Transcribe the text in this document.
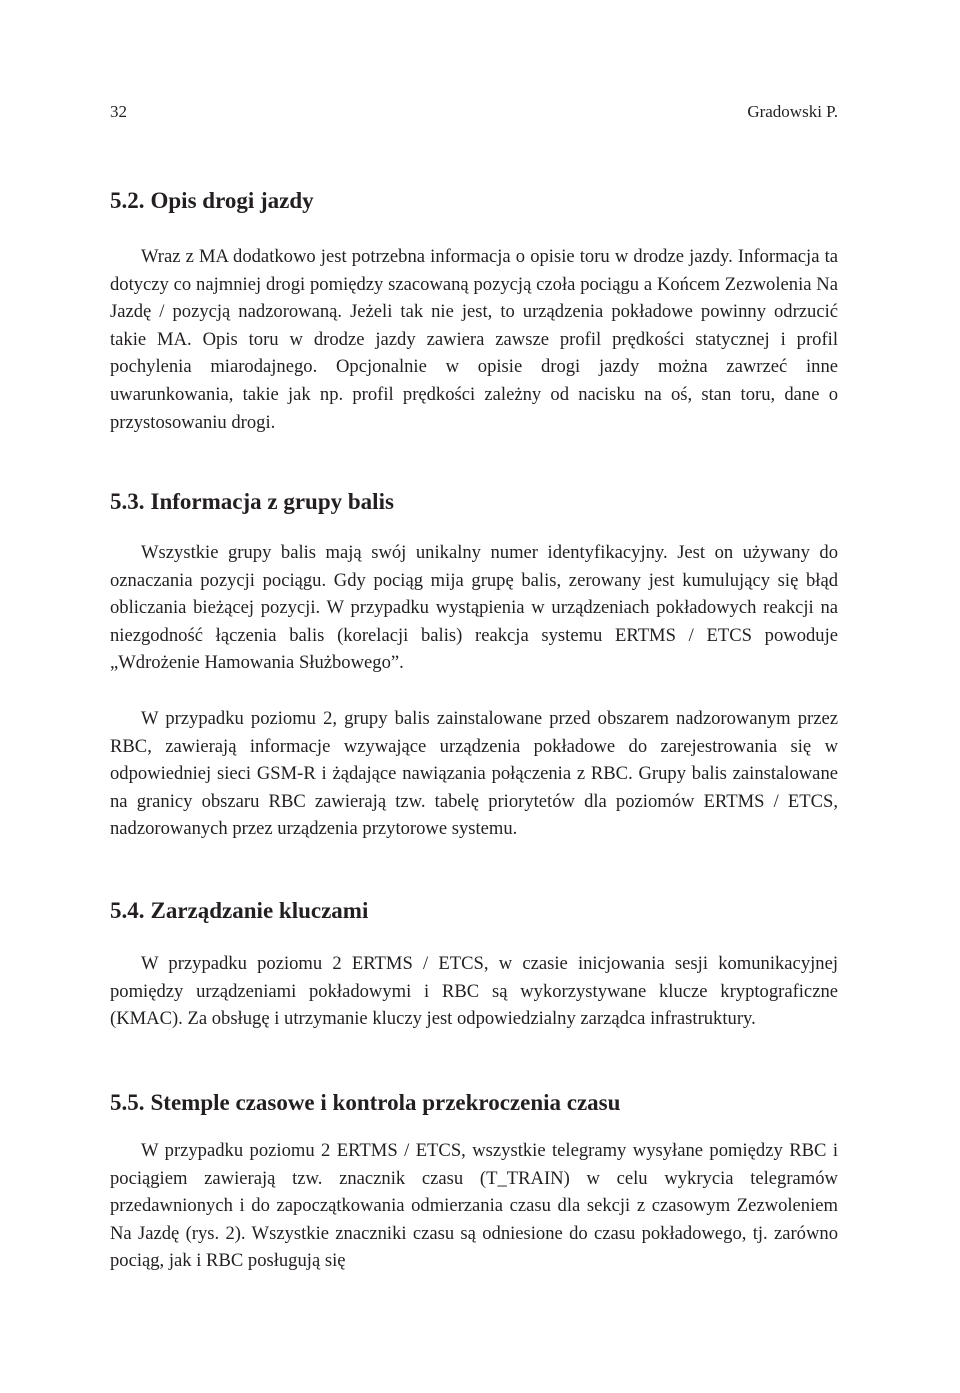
32	Gradowski P.
5.2. Opis drogi jazdy

Wraz z MA dodatkowo jest potrzebna informacja o opisie toru w drodze jazdy. Informacja ta dotyczy co najmniej drogi pomiędzy szacowaną pozycją czoła pociągu a Końcem Zezwolenia Na Jazdę / pozycją nadzorowaną. Jeżeli tak nie jest, to urządzenia pokładowe powinny odrzucić takie MA. Opis toru w drodze jazdy zawiera zawsze profil prędkości statycznej i profil pochylenia miarodajnego. Opcjonalnie w opisie drogi jazdy można zawrzeć inne uwarunkowania, takie jak np. profil prędkości zależny od nacisku na oś, stan toru, dane o przystosowaniu drogi.

5.3. Informacja z grupy balis

Wszystkie grupy balis mają swój unikalny numer identyfikacyjny. Jest on używany do oznaczania pozycji pociągu. Gdy pociąg mija grupę balis, zerowany jest kumulujący się błąd obliczania bieżącej pozycji. W przypadku wystąpienia w urządzeniach pokładowych reakcji na niezgodność łączenia balis (korelacji balis) reakcja systemu ERTMS / ETCS powoduje „Wdrożenie Hamowania Służbowego”.

W przypadku poziomu 2, grupy balis zainstalowane przed obszarem nadzorowanym przez RBC, zawierają informacje wzywające urządzenia pokładowe do zarejestrowania się w odpowiedniej sieci GSM-R i żądające nawiązania połączenia z RBC. Grupy balis zainstalowane na granicy obszaru RBC zawierają tzw. tabelę priorytetów dla poziomów ERTMS / ETCS, nadzorowanych przez urządzenia przytorowe systemu.

5.4. Zarządzanie kluczami

W przypadku poziomu 2 ERTMS / ETCS, w czasie inicjowania sesji komunikacyjnej pomiędzy urządzeniami pokładowymi i RBC są wykorzystywane klucze kryptograficzne (KMAC). Za obsługę i utrzymanie kluczy jest odpowiedzialny zarządca infrastruktury.

5.5. Stemple czasowe i kontrola przekroczenia czasu

W przypadku poziomu 2 ERTMS / ETCS, wszystkie telegramy wysyłane pomiędzy RBC i pociągiem zawierają tzw. znacznik czasu (T_TRAIN) w celu wykrycia telegramów przedawnionych i do zapoczątkowania odmierzania czasu dla sekcji z czasowym Zezwoleniem Na Jazdę (rys. 2). Wszystkie znaczniki czasu są odniesione do czasu pokładowego, tj. zarówno pociąg, jak i RBC posługują się
